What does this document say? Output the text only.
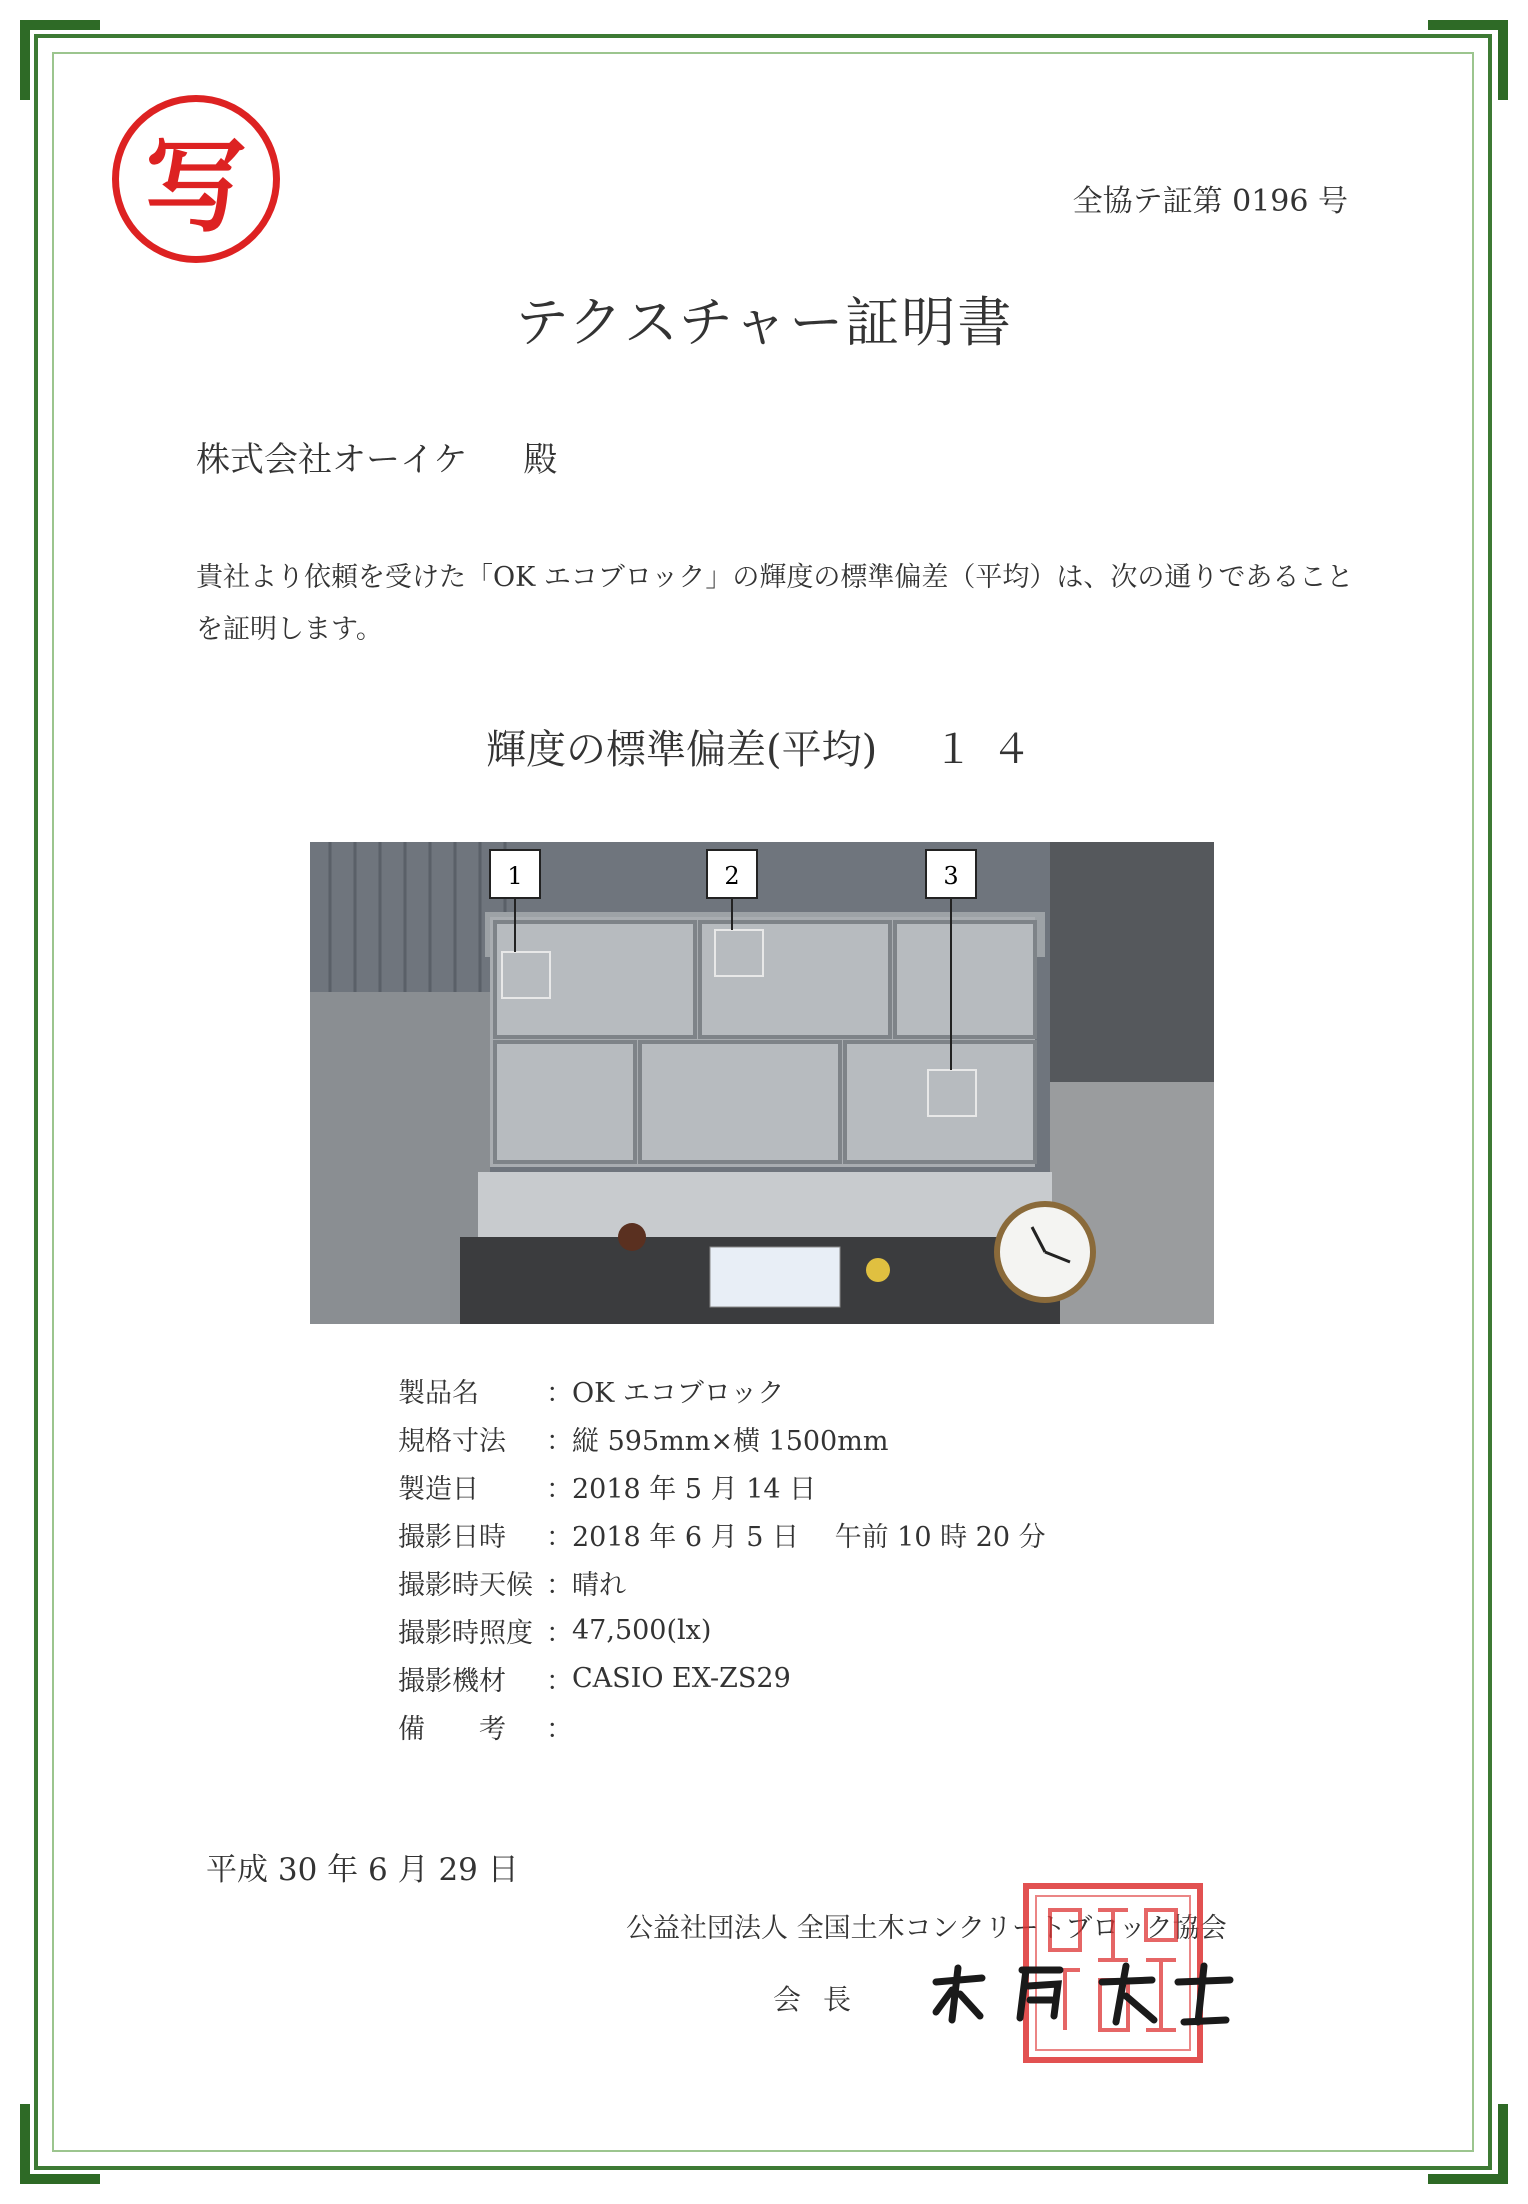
写	全協テ証第 0196 号
テクスチャー証明書
株式会社オーイケ 殿
貴社より依頼を受けた「OK エコブロック」の輝度の標準偏差（平均）は、次の通りであること
を証明します。
輝度の標準偏差(平均) １４
1	2	3
製品名	： OK エコブロック
規格寸法	： 縦 595mm×横 1500mm
製造日	： 2018 年 5 月 14 日
撮影日時	： 2018 年 6 月 5 日　 午前 10 時 20 分
撮影時天候 ： 晴れ
撮影時照度 ： 47,500(lx)
撮影機材	： CASIO EX-ZS29
備　　考	：
平成 30 年 6 月 29 日
公益社団法人 全国土木コンクリートブロック協会
会長
